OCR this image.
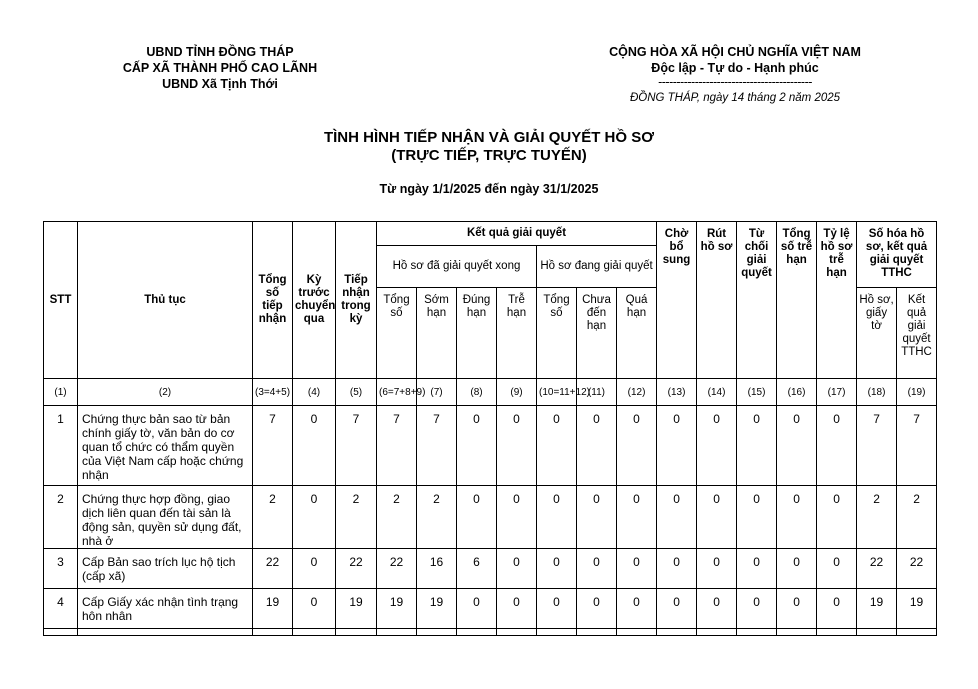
UBND TỈNH ĐỒNG THÁP
CẤP XÃ THÀNH PHỐ CAO LÃNH
UBND Xã Tịnh Thới
CỘNG HÒA XÃ HỘI CHỦ NGHĨA VIỆT NAM
Độc lập - Tự do - Hạnh phúc
------------------------------------------
ĐỒNG THÁP, ngày 14 tháng 2 năm 2025
TÌNH HÌNH TIẾP NHẬN VÀ GIẢI QUYẾT HỒ SƠ
(TRỰC TIẾP, TRỰC TUYẾN)
Từ ngày 1/1/2025 đến ngày 31/1/2025
STT	Thủ tục	Tổng số tiếp nhận	Kỳ trước chuyển qua	Tiếp nhận trong kỳ	Kết quả giải quyết							Chờ bổ sung	Rút hồ sơ	Từ chối giải quyết	Tổng số trễ hạn	Tỷ lệ hồ sơ trễ hạn	Số hóa hồ sơ, kết quả giải quyết TTHC	
					Hồ sơ đã giải quyết xong				Hồ sơ đang giải quyết									
					Tổng số	Sớm hạn	Đúng hạn	Trễ hạn	Tổng số	Chưa đến hạn	Quá hạn						Hồ sơ, giấy tờ	Kết quả giải quyết TTHC
(1)	(2)	(3=4+5)	(4)	(5)	(6=7+8+9)	(7)	(8)	(9)	(10=11+12)	(11)	(12)	(13)	(14)	(15)	(16)	(17)	(18)	(19)
1	Chứng thực bản sao từ bản chính giấy tờ, văn bản do cơ quan tổ chức có thẩm quyền của Việt Nam cấp hoặc chứng nhận	7	0	7	7	7	0	0	0	0	0	0	0	0	0	0	7	7
2	Chứng thực hợp đồng, giao dịch liên quan đến tài sản là động sản, quyền sử dụng đất, nhà ở	2	0	2	2	2	0	0	0	0	0	0	0	0	0	0	2	2
3	Cấp Bản sao trích lục hộ tịch (cấp xã)	22	0	22	22	16	6	0	0	0	0	0	0	0	0	0	22	22
4	Cấp Giấy xác nhận tình trạng hôn nhân	19	0	19	19	19	0	0	0	0	0	0	0	0	0	0	19	19
